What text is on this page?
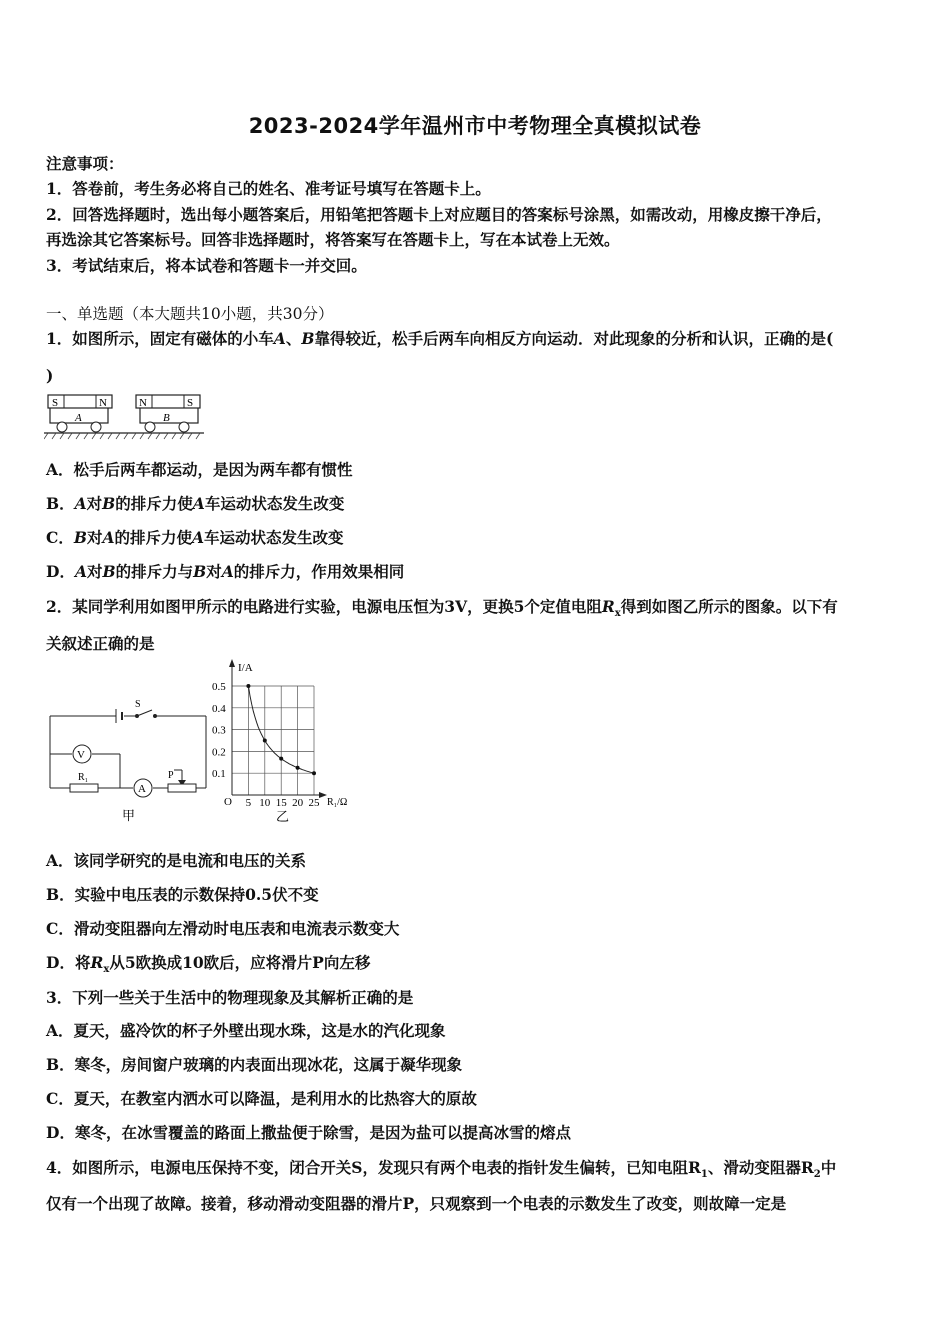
2023-2024学年温州市中考物理全真模拟试卷
注意事项：
1．答卷前，考生务必将自己的姓名、准考证号填写在答题卡上。
2．回答选择题时，选出每小题答案后，用铅笔把答题卡上对应题目的答案标号涂黑，如需改动，用橡皮擦干净后，
再选涂其它答案标号。回答非选择题时，将答案写在答题卡上，写在本试卷上无效。
3．考试结束后，将本试卷和答题卡一并交回。
一、单选题（本大题共10小题，共30分）
1．如图所示，固定有磁体的小车A、B靠得较近，松手后两车向相反方向运动．对此现象的分析和认识，正确的是(
)
S	N
A
N	S
B
A．松手后两车都运动，是因为两车都有惯性
B．A对B的排斥力使A车运动状态发生改变
C．B对A的排斥力使A车运动状态发生改变
D．A对B的排斥力与B对A的排斥力，作用效果相同
2．某同学利用如图甲所示的电路进行实验，电源电压恒为3V，更换5个定值电阻$R_x$得到如图乙所示的图象。以下有
关叙述正确的是
V
R₁
A
P
S
甲
I/A
R₁/Ω
O
0.5
0.4
0.3
0.2
0.1
5 10 15 20 25
乙
A．该同学研究的是电流和电压的关系
B．实验中电压表的示数保持0.5伏不变
C．滑动变阻器向左滑动时电压表和电流表示数变大
D．将$R_x$从5欧换成10欧后，应将滑片P向左移
3．下列一些关于生活中的物理现象及其解析正确的是
A．夏天，盛冷饮的杯子外壁出现水珠，这是水的汽化现象
B．寒冬，房间窗户玻璃的内表面出现冰花，这属于凝华现象
C．夏天，在教室内洒水可以降温，是利用水的比热容大的原故
D．寒冬，在冰雪覆盖的路面上撒盐便于除雪，是因为盐可以提高冰雪的熔点
4．如图所示，电源电压保持不变，闭合开关S，发现只有两个电表的指针发生偏转，已知电阻$R_1$、滑动变阻器$R_2$中
仅有一个出现了故障。接着，移动滑动变阻器的滑片P，只观察到一个电表的示数发生了改变，则故障一定是
